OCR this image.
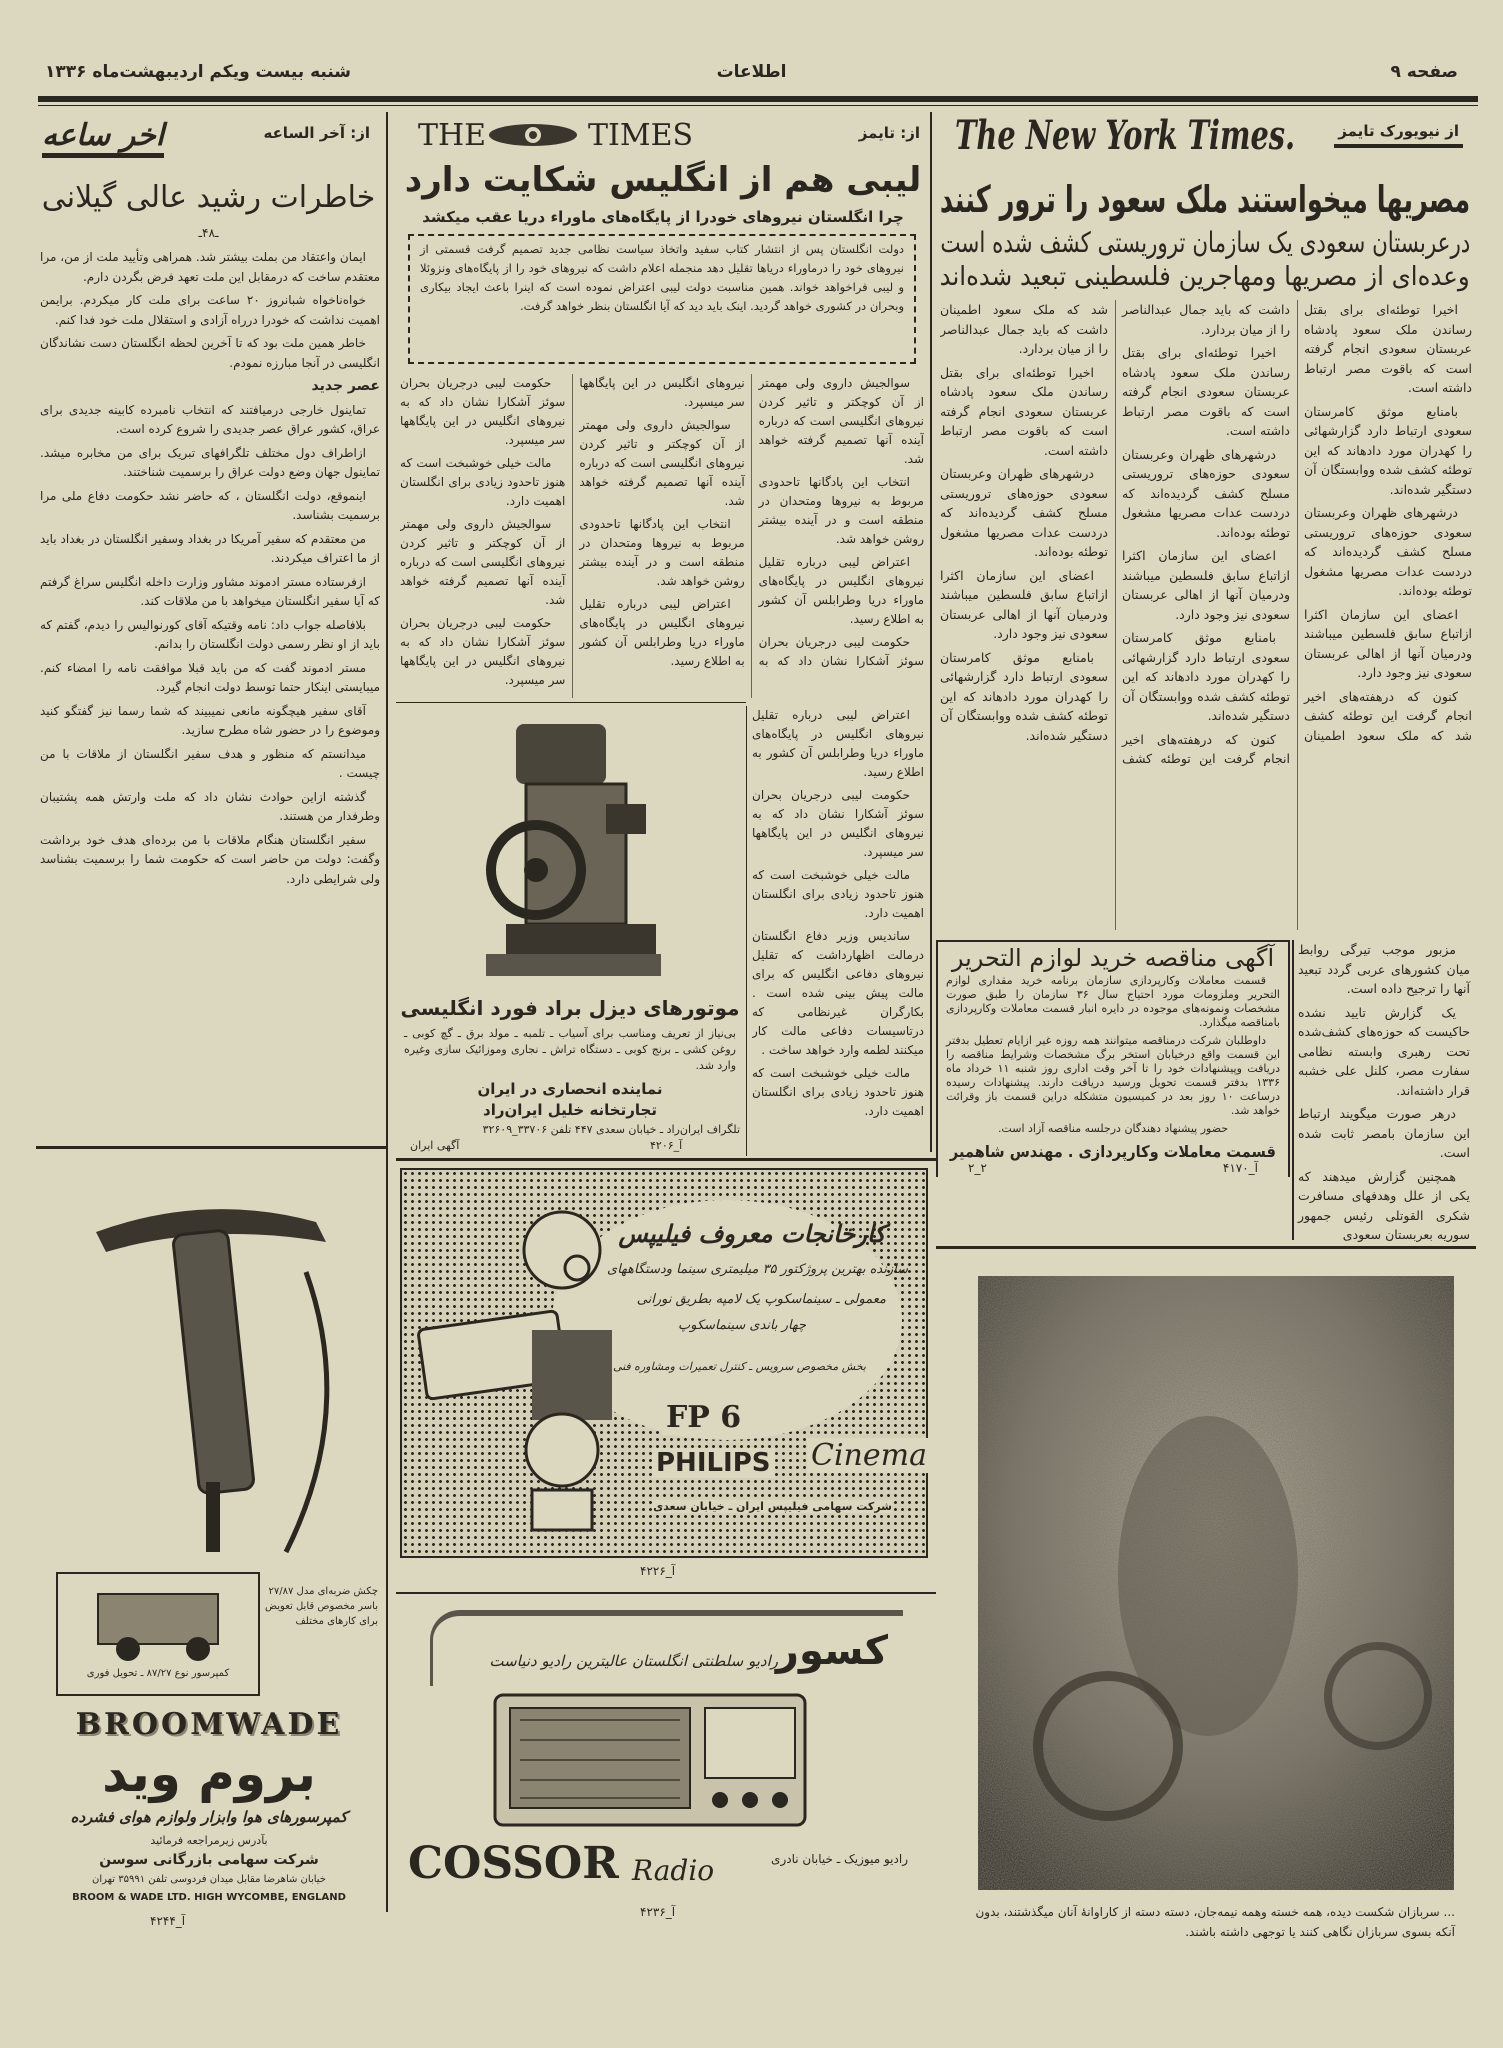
صفحه ۹
اطلاعات
شنبه بیست ویکم اردیبهشت‌ماه ۱۳۳۶
از نیویورک تایمز
The New York Times.
مصریها میخواستند ملک سعود را ترور کنند
درعربستان سعودی یک سازمان تروریستی کشف شده است
وعده‌ای از مصریها ومهاجرین فلسطینی تبعید شده‌اند

اخیرا توطئه‌ای برای بقتل رساندن ملک سعود پادشاه عربستان سعودی انجام گرفته است که باقوت مصر ارتباط داشته است.

بامنابع موثق کامرستان سعودی ارتباط دارد گزارشهائی را کهدران مورد دادهاند که این توطئه کشف شده ووابستگان آن دستگیر شده‌اند.

درشهرهای ظهران وعربستان سعودی حوزه‌های تروریستی مسلح کشف گردیده‌اند که دردست عدات مصریها مشغول توطئه بوده‌اند.

اعضای این سازمان اکثرا ازاتباع سابق فلسطین میباشند ودرمیان آنها از اهالی عربستان سعودی نیز وجود دارد.

کنون که درهفته‌های اخیر انجام گرفت این توطئه کشف شد که ملک سعود اطمینان داشت که باید جمال عبدالناصر را از میان بردارد.

اخیرا توطئه‌ای برای بقتل رساندن ملک سعود پادشاه عربستان سعودی انجام گرفته است که باقوت مصر ارتباط داشته است.

درشهرهای ظهران وعربستان سعودی حوزه‌های تروریستی مسلح کشف گردیده‌اند که دردست عدات مصریها مشغول توطئه بوده‌اند.

اعضای این سازمان اکثرا ازاتباع سابق فلسطین میباشند ودرمیان آنها از اهالی عربستان سعودی نیز وجود دارد.

بامنابع موثق کامرستان سعودی ارتباط دارد گزارشهائی را کهدران مورد دادهاند که این توطئه کشف شده ووابستگان آن دستگیر شده‌اند.

کنون که درهفته‌های اخیر انجام گرفت این توطئه کشف شد که ملک سعود اطمینان داشت که باید جمال عبدالناصر را از میان بردارد.

اخیرا توطئه‌ای برای بقتل رساندن ملک سعود پادشاه عربستان سعودی انجام گرفته است که باقوت مصر ارتباط داشته است.

درشهرهای ظهران وعربستان سعودی حوزه‌های تروریستی مسلح کشف گردیده‌اند که دردست عدات مصریها مشغول توطئه بوده‌اند.

اعضای این سازمان اکثرا ازاتباع سابق فلسطین میباشند ودرمیان آنها از اهالی عربستان سعودی نیز وجود دارد.

بامنابع موثق کامرستان سعودی ارتباط دارد گزارشهائی را کهدران مورد دادهاند که این توطئه کشف شده ووابستگان آن دستگیر شده‌اند.

مزبور موجب تیرگی روابط میان کشورهای عربی گردد تبعید آنها را ترجیح داده است.

یک گزارش تایید نشده حاکیست که حوزه‌های کشف‌شده تحت رهبری وابسته نظامی سفارت مصر، کلنل علی خشبه قرار داشته‌اند.

درهر صورت میگویند ارتباط این سازمان بامصر ثابت شده است.

همچنین گزارش میدهند که یکی از علل وهدفهای مسافرت شکری القوتلی رئیس جمهور سوریه بعربستان سعودی

آگهی مناقصه خرید لوازم التحریر

قسمت معاملات وکارپردازی سازمان برنامه خرید مقداری لوازم التحریر وملزومات مورد احتیاج سال ۳۶ سازمان را طبق صورت مشخصات ونمونه‌های موجوده در دایره انبار قسمت معاملات وکارپردازی بامناقصه میگذارد.

داوطلبان شرکت درمناقصه میتوانند همه روزه غیر ازایام تعطیل بدفتر این قسمت واقع درخیابان استخر برگ مشخصات وشرایط مناقصه را دریافت وپیشنهادات خود را تا آخر وقت اداری روز شنبه ۱۱ خرداد ماه ۱۳۳۶ بدفتر قسمت تحویل ورسید دریافت دارند. پیشنهادات رسیده درساعت ۱۰ روز بعد در کمیسیون متشکله دراین قسمت باز وقرائت خواهد شد.

حضور پیشنهاد دهندگان درجلسه مناقصه آزاد است.

قسمت معاملات وکارپردازی . مهندس شاهمیر
۲_۲	آ_۴۱۷۰
... سربازان شکست دیده، همه خسته وهمه نیمه‌جان، دسته دسته از کاراوانهٔ آنان میگذشتند، بدون
آنکه بسوی سربازان نگاهی کنند یا توجهی داشته باشند.
THE	TIMES	از: تایمز
لیبی هم از انگلیس شکایت دارد
چرا انگلستان نیروهای خودرا از پایگاه‌های ماوراء دریا عقب میکشد
دولت انگلستان پس از انتشار کتاب سفید واتخاذ سیاست نظامی جدید تصمیم گرفت قسمتی از نیروهای خود را درماوراء دریاها تقلیل دهد منجمله اعلام داشت که نیروهای خود را از پایگاه‌های ونزوئلا و لیبی فراخواهد خواند. همین مناسبت دولت لیبی اعتراض نموده است که اینرا باعث ایجاد بیکاری وبحران در کشوری خواهد گردید. اینک باید دید که آیا انگلستان بنظر خواهد گرفت.

سوالجیش داروی ولی مهمتر از آن کوچکتر و تاثیر کردن نیروهای انگلیسی است که درباره آینده آنها تصمیم گرفته خواهد شد.

انتخاب این پادگانها تاحدودی مربوط به نیروها ومتحدان در منطقه است و در آینده بیشتر روشن خواهد شد.

اعتراض لیبی درباره تقلیل نیروهای انگلیس در پایگاه‌های ماوراء دریا وطرابلس آن کشور به اطلاع رسید.

حکومت لیبی درجریان بحران سوئز آشکارا نشان داد که به نیروهای انگلیس در این پایگاهها سر میسپرد.

سوالجیش داروی ولی مهمتر از آن کوچکتر و تاثیر کردن نیروهای انگلیسی است که درباره آینده آنها تصمیم گرفته خواهد شد.

انتخاب این پادگانها تاحدودی مربوط به نیروها ومتحدان در منطقه است و در آینده بیشتر روشن خواهد شد.

اعتراض لیبی درباره تقلیل نیروهای انگلیس در پایگاه‌های ماوراء دریا وطرابلس آن کشور به اطلاع رسید.

حکومت لیبی درجریان بحران سوئز آشکارا نشان داد که به نیروهای انگلیس در این پایگاهها سر میسپرد.

مالت خیلی خوشبخت است که هنوز تاحدود زیادی برای انگلستان اهمیت دارد.

سوالجیش داروی ولی مهمتر از آن کوچکتر و تاثیر کردن نیروهای انگلیسی است که درباره آینده آنها تصمیم گرفته خواهد شد.

حکومت لیبی درجریان بحران سوئز آشکارا نشان داد که به نیروهای انگلیس در این پایگاهها سر میسپرد.

اعتراض لیبی درباره تقلیل نیروهای انگلیس در پایگاه‌های ماوراء دریا وطرابلس آن کشور به اطلاع رسید.

حکومت لیبی درجریان بحران سوئز آشکارا نشان داد که به نیروهای انگلیس در این پایگاهها سر میسپرد.

مالت خیلی خوشبخت است که هنوز تاحدود زیادی برای انگلستان اهمیت دارد.

ساندیس وزیر دفاع انگلستان درمالت اظهارداشت که تقلیل نیروهای دفاعی انگلیس که برای مالت پیش بینی شده است . بکارگران غیرنظامی که درتاسیسات دفاعی مالت کار میکنند لطمه وارد خواهد ساخت .

مالت خیلی خوشبخت است که هنوز تاحدود زیادی برای انگلستان اهمیت دارد.

موتورهای دیزل براد فورد انگلیسی
بی‌نیاز از تعریف ومناسب برای آسیاب ـ تلمبه ـ مولد برق ـ گچ کوبی ـ روغن کشی ـ برنج کوبی ـ دستگاه تراش ـ نجاری وموزائیک سازی وغیره وارد شد.
نماینده انحصاری در ایران
تجارتخانه خلیل ایران‌راد
تلگراف ایران‌راد ـ خیابان سعدی ۴۴۷ تلفن ۳۳۷۰۶_۳۲۶۰۹
آگهی ایران	آ_۴۲۰۶
کارخانجات معروف فیلیپس
سازنده بهترین پروژکتور ۳۵ میلیمتری سینما ودستگاههای
معمولی ـ سینماسکوپ یک لامپه بطریق نورانی
چهار باندی سینماسکوپ
بخش مخصوص سرویس ـ کنترل تعمیرات ومشاوره فنی
FP 6
PHILIPS Cinema
شرکت سهامی فیلیپس ایران ـ خیابان سعدی
آ_۴۲۲۶
کسور
رادیو سلطنتی انگلستان عالیترین رادیو دنیاست
رادیو میوزیک ـ خیابان نادری
COSSOR Radio
آ_۴۲۳۶
از: آخر الساعه
اخر ساعه
خاطرات رشید عالی گیلانی
ـ۴۸ـ

ایمان واعتقاد من بملت بیشتر شد. همراهی وتأیید ملت از من، مرا معتقدم ساخت که درمقابل این ملت تعهد فرض بگردن دارم.

خواه‌ناخواه شبانروز ۲۰ ساعت برای ملت کار میکردم. برایمن اهمیت نداشت که خودرا درراه آزادی و استقلال ملت خود فدا کنم.

خاطر همین ملت بود که تا آخرین لحظه انگلستان دست نشاندگان انگلیسی در آنجا مبارزه نمودم.

عصر جدید

تماینول خارجی درمیافتند که انتخاب نامبرده کابینه جدیدی برای عراق، کشور عراق عصر جدیدی را شروع کرده است.

ازاطراف دول مختلف تلگرافهای تبریک برای من مخابره میشد. تماینول جهان وضع دولت عراق را برسمیت شناختند.

اینموقع، دولت انگلستان ، که حاضر نشد حکومت دفاع ملی مرا برسمیت بشناسد.

من معتقدم که سفیر آمریکا در بغداد وسفیر انگلستان در بغداد باید از ما اعتراف میکردند.

ازفرستاده مستر ادموند مشاور وزارت داخله انگلیس سراغ گرفتم که آیا سفیر انگلستان میخواهد با من ملاقات کند.

بلافاصله جواب داد: نامه وقتیکه آقای کورنوالیس را دیدم، گفتم که باید از او نظر رسمی دولت انگلستان را بدانم.

مستر ادموند گفت که من باید قبلا موافقت نامه را امضاء کنم. میبایستی اینکار حتما توسط دولت انجام گیرد.

آقای سفیر هیچگونه مانعی نمیبیند که شما رسما نیز گفتگو کنید وموضوع را در حضور شاه مطرح سازید.

میدانستم که منظور و هدف سفیر انگلستان از ملاقات با من چیست .

گذشته ازاین حوادث نشان داد که ملت وارتش همه پشتیبان وطرفدار من هستند.

سفیر انگلستان هنگام ملاقات با من برده‌ای هدف خود برداشت وگفت: دولت من حاضر است که حکومت شما را برسمیت بشناسد ولی شرایطی دارد.

کمپرسور نوع ۸۷/۲۷ ـ تحویل فوری
چکش ضربه‌ای مدل ۲۷/۸۷ باسر مخصوص قابل تعویض برای کارهای مختلف
BROOMWADE
بروم وید
کمپرسورهای هوا وابزار ولوازم هوای فشرده
بآدرس زیرمراجعه فرمائید
شرکت سهامی بازرگانی سوسن
خیابان شاهرضا مقابل میدان فردوسی تلفن ۳۵۹۹۱ تهران
BROOM & WADE LTD. HIGH WYCOMBE, ENGLAND
آ_۴۲۴۴
